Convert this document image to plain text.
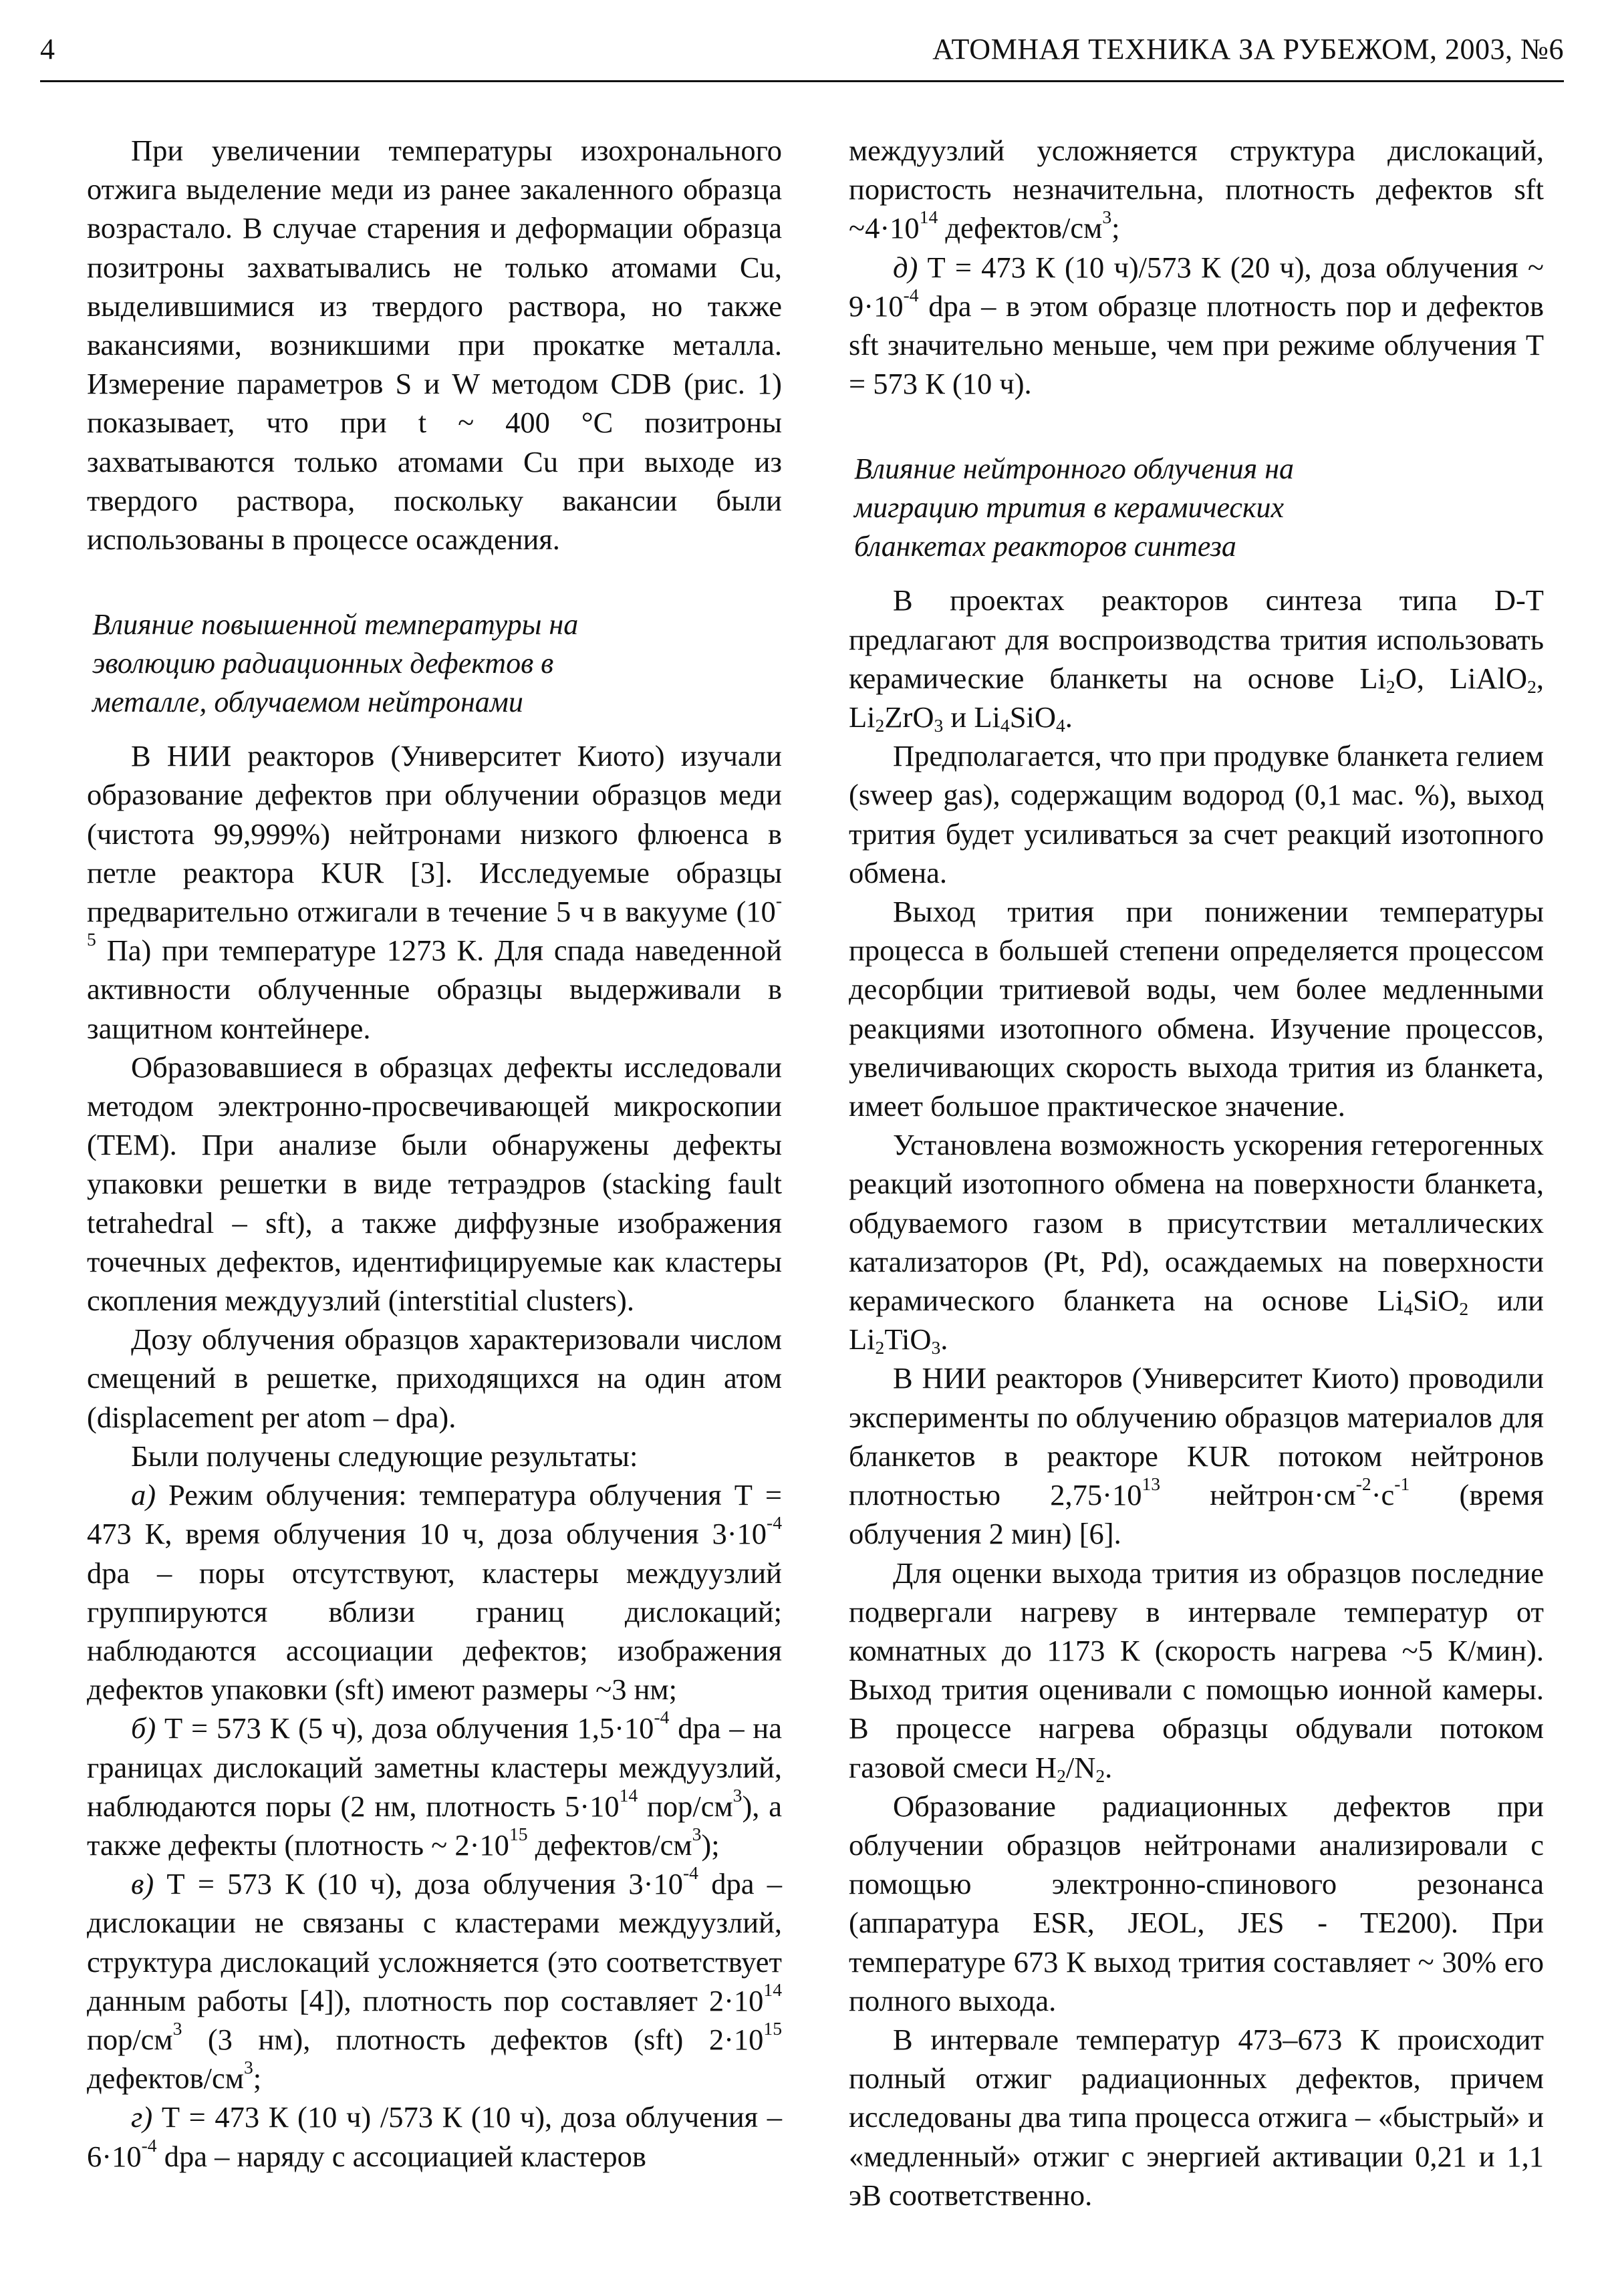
4	АТОМНАЯ ТЕХНИКА ЗА РУБЕЖОМ, 2003, №6

При увеличении температуры изохронального отжига выделение меди из ранее закаленного образца возрастало. В случае старения и деформации образца позитроны захватывались не только атомами Cu, выделившимися из твердого раствора, но также вакансиями, возникшими при прокатке металла. Измерение параметров S и W методом CDB (рис. 1) показывает, что при t ~ 400 °С позитроны захватываются только атомами Cu при выходе из твердого раствора, поскольку вакансии были использованы в процессе осаждения.

Влияние повышенной температуры на
эволюцию радиационных дефектов в
металле, облучаемом нейтронами

В НИИ реакторов (Университет Киото) изучали образование дефектов при облучении образцов меди (чистота 99,999%) нейтронами низкого флюенса в петле реактора KUR [3]. Исследуемые образцы предварительно отжигали в течение 5 ч в вакууме ($10^{-5}$ Па) при температуре 1273 К. Для спада наведенной активности облученные образцы выдерживали в защитном контейнере.

Образовавшиеся в образцах дефекты исследовали методом электронно-просвечивающей микроскопии (ТЕМ). При анализе были обнаружены дефекты упаковки решетки в виде тетраэдров (stacking fault tetrahedral – sft), а также диффузные изображения точечных дефектов, идентифицируемые как кластеры скопления междуузлий (interstitial clusters).

Дозу облучения образцов характеризовали числом смещений в решетке, приходящихся на один атом (displacement per atom – dpa).

Были получены следующие результаты:

а) Режим облучения: температура облучения Т = 473 К, время облучения 10 ч, доза облучения $3\cdot 10^{-4}$ dpa – поры отсутствуют, кластеры междуузлий группируются вблизи границ дислокаций; наблюдаются ассоциации дефектов; изображения дефектов упаковки (sft) имеют размеры ~3 нм;

б) Т = 573 К (5 ч), доза облучения $1,5\cdot 10^{-4}$ dpa – на границах дислокаций заметны кластеры междуузлий, наблюдаются поры (2 нм, плотность $5\cdot 10^{14}$ пор/$см^3$), а также дефекты (плотность ~ $2\cdot 10^{15}$ дефектов/$см^3$);

в) Т = 573 К (10 ч), доза облучения $3\cdot 10^{-4}$ dpa – дислокации не связаны с кластерами междуузлий, структура дислокаций усложняется (это соответствует данным работы [4]), плотность пор составляет $2\cdot 10^{14}$ пор/$см^3$ (3 нм), плотность дефектов (sft) $2\cdot 10^{15}$ дефектов/$см^3$;

г) Т = 473 К (10 ч) /573 К (10 ч), доза облучения – $6\cdot 10^{-4}$ dpa – наряду с ассоциацией кластеров

междуузлий усложняется структура дислокаций, пористость незначительна, плотность дефектов sft $\sim 4\cdot 10^{14}$ дефектов/$см^3$;

д) Т = 473 К (10 ч)/573 К (20 ч), доза облучения ~ $9\cdot 10^{-4}$ dpa – в этом образце плотность пор и дефектов sft значительно меньше, чем при режиме облучения Т = 573 К (10 ч).

Влияние нейтронного облучения на
миграцию трития в керамических
бланкетах реакторов синтеза

В проектах реакторов синтеза типа D-T предлагают для воспроизводства трития использовать керамические бланкеты на основе $Li_2O$, LiAlO$_2$, $Li_2ZrO_3$ и $Li_4SiO_4$.

Предполагается, что при продувке бланкета гелием (sweep gas), содержащим водород (0,1 мас. %), выход трития будет усиливаться за счет реакций изотопного обмена.

Выход трития при понижении температуры процесса в большей степени определяется процессом десорбции тритиевой воды, чем более медленными реакциями изотопного обмена. Изучение процессов, увеличивающих скорость выхода трития из бланкета, имеет большое практическое значение.

Установлена возможность ускорения гетерогенных реакций изотопного обмена на поверхности бланкета, обдуваемого газом в присутствии металлических катализаторов (Pt, Pd), осаждаемых на поверхности керамического бланкета на основе $Li_4SiO_2$ или $Li_2TiO_3$.

В НИИ реакторов (Университет Киото) проводили эксперименты по облучению образцов материалов для бланкетов в реакторе KUR потоком нейтронов плотностью $2,75\cdot 10^{13}$ $нейтрон\cdot см^{-2}\cdot с^{-1}$ (время облучения 2 мин) [6].

Для оценки выхода трития из образцов последние подвергали нагреву в интервале температур от комнатных до 1173 К (скорость нагрева ~5 К/мин). Выход трития оценивали с помощью ионной камеры. В процессе нагрева образцы обдували потоком газовой смеси $H_2/N_2$.

Образование радиационных дефектов при облучении образцов нейтронами анализировали с помощью электронно-спинового резонанса (аппаратура ESR, JEOL, JES - TE200). При температуре 673 К выход трития составляет ~ 30% его полного выхода.

В интервале температур 473–673 К происходит полный отжиг радиационных дефектов, причем исследованы два типа процесса отжига – «быстрый» и «медленный» отжиг с энергией активации 0,21 и 1,1 эВ соответственно.
